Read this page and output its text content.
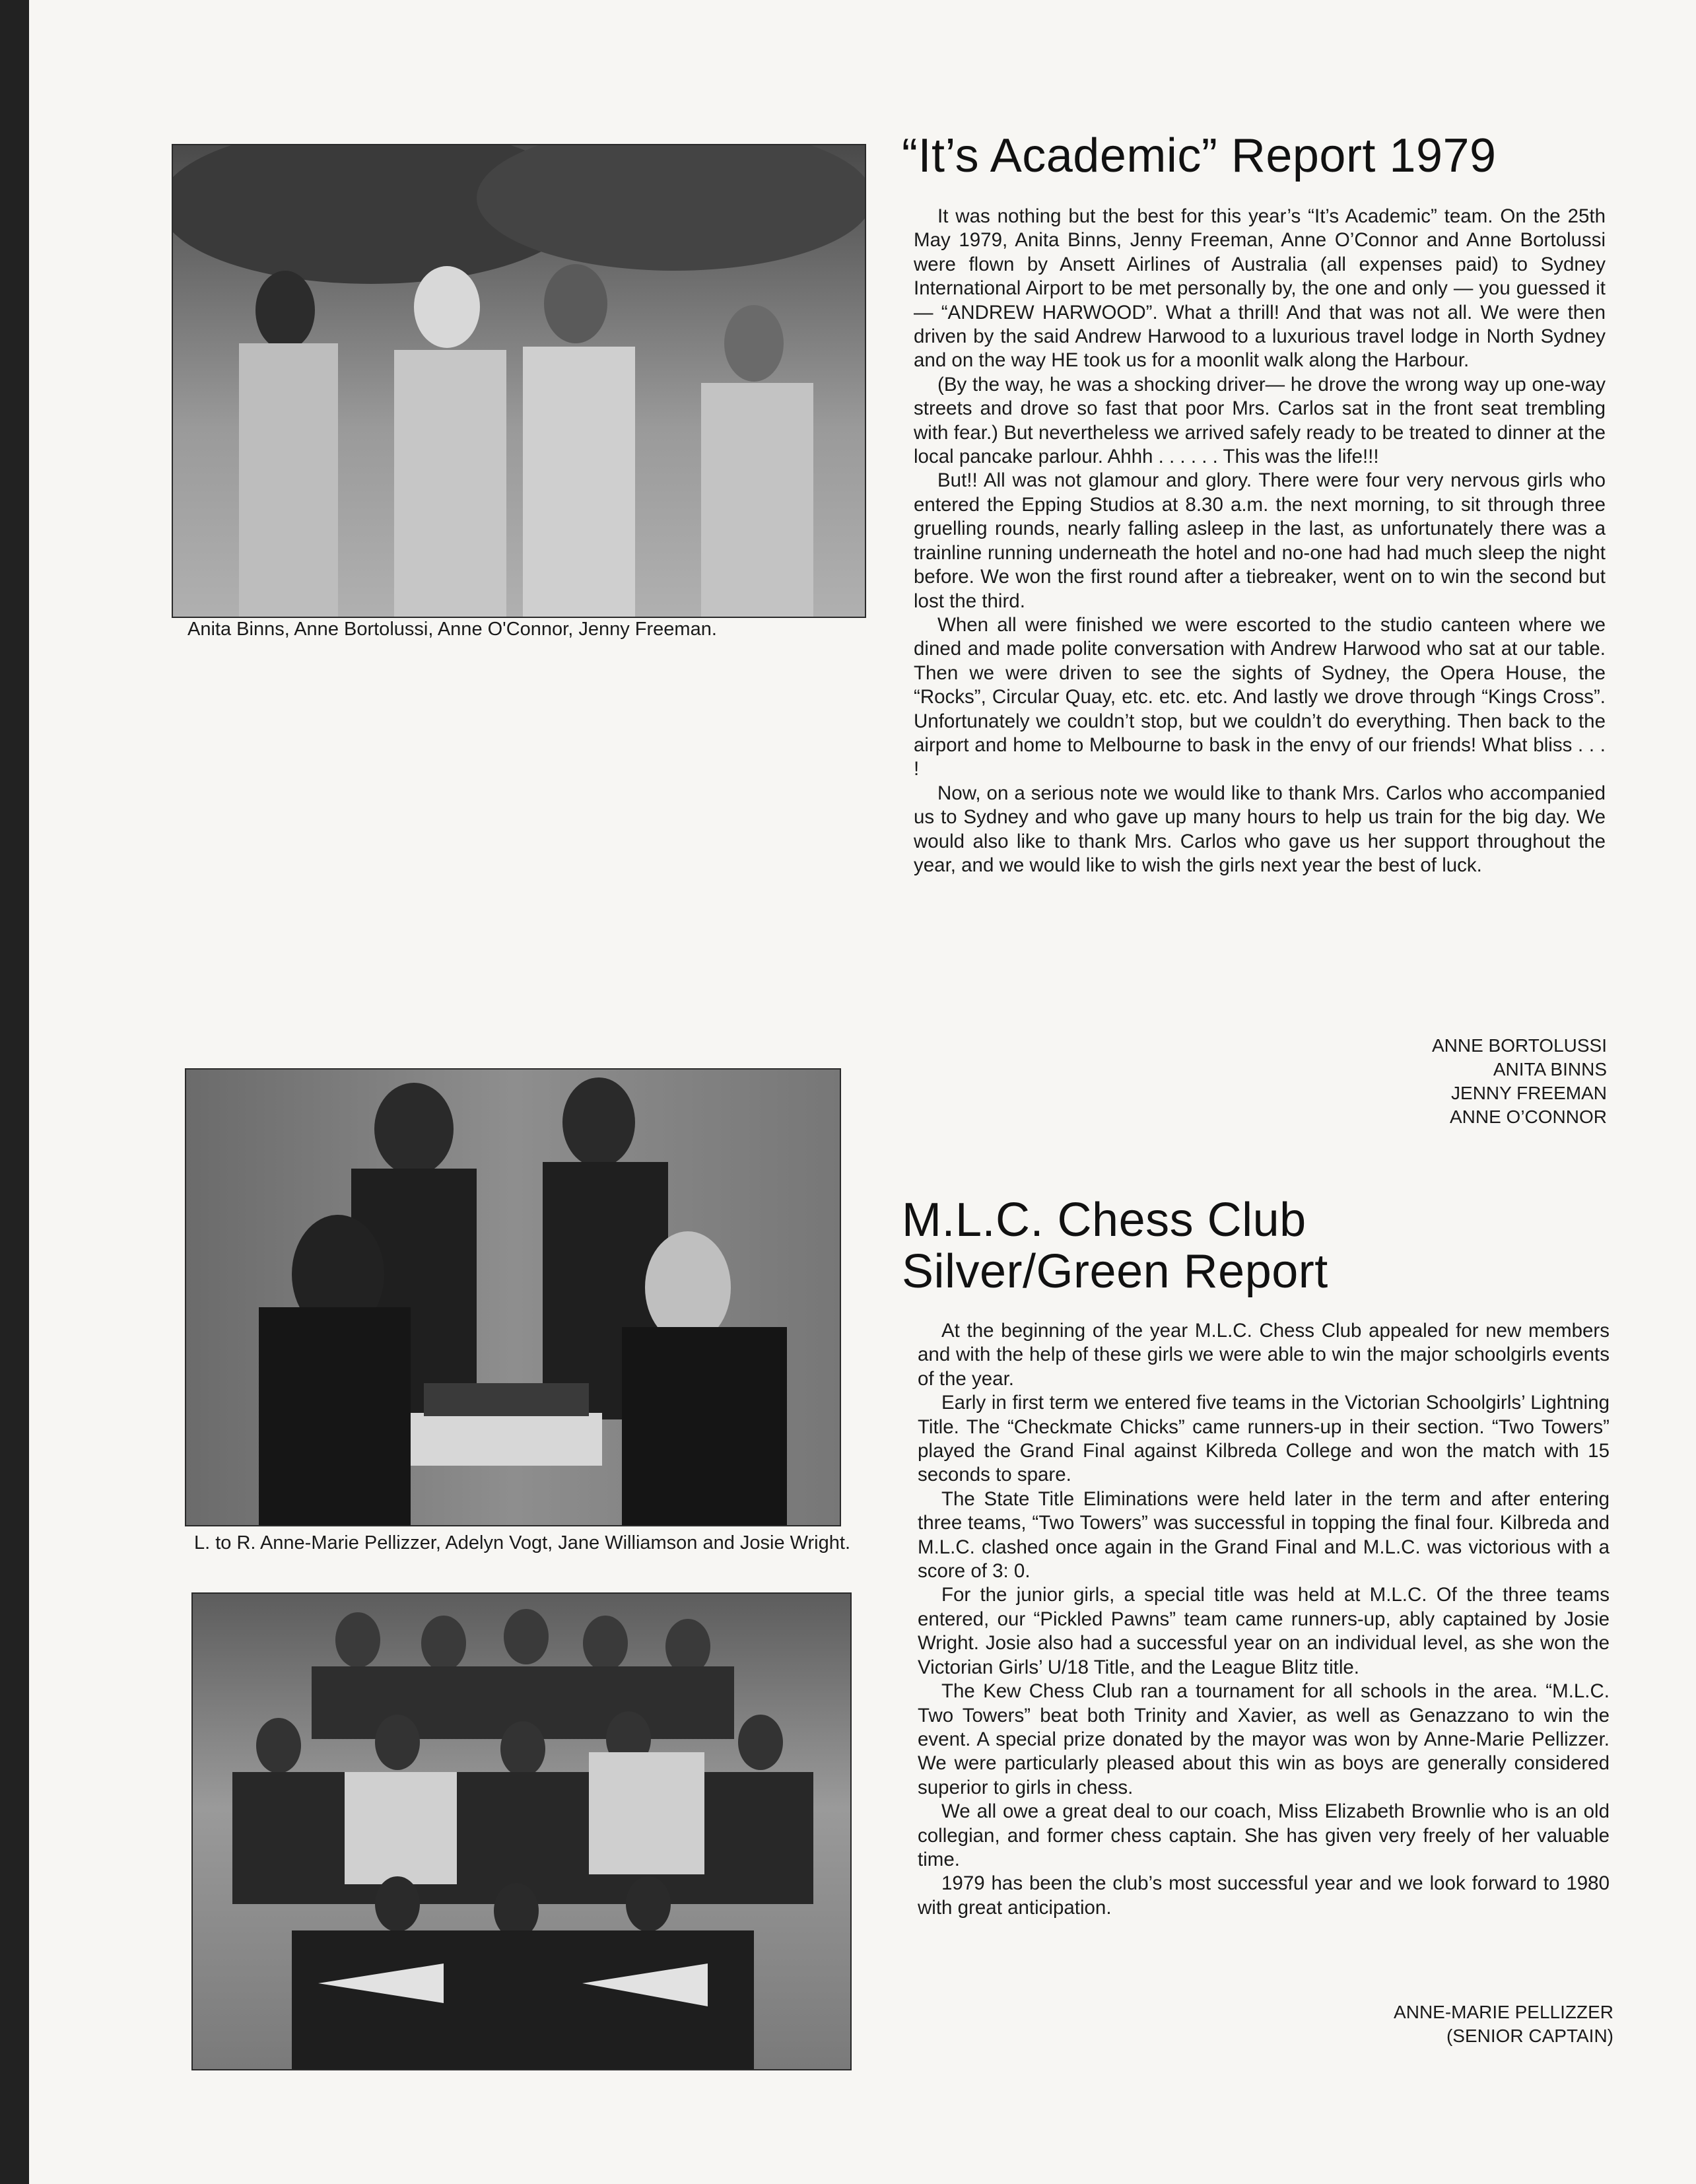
Anita Binns, Anne Bortolussi, Anne O'Connor, Jenny Freeman.
L. to R. Anne-Marie Pellizzer, Adelyn Vogt, Jane Williamson and Josie Wright.
“It’s Academic” Report 1979

It was nothing but the best for this year’s “It’s Academic” team. On the 25th May 1979, Anita Binns, Jenny Freeman, Anne O’Connor and Anne Bortolussi were flown by Ansett Airlines of Australia (all expenses paid) to Sydney International Airport to be met personally by, the one and only — you guessed it — “ANDREW HARWOOD”. What a thrill! And that was not all. We were then driven by the said Andrew Harwood to a luxurious travel lodge in North Sydney and on the way HE took us for a moonlit walk along the Harbour.

(By the way, he was a shocking driver— he drove the wrong way up one-way streets and drove so fast that poor Mrs. Carlos sat in the front seat trembling with fear.) But nevertheless we arrived safely ready to be treated to dinner at the local pancake parlour. Ahhh . . . . . . This was the life!!!

But!! All was not glamour and glory. There were four very nervous girls who entered the Epping Studios at 8.30 a.m. the next morning, to sit through three gruelling rounds, nearly falling asleep in the last, as unfortunately there was a trainline running underneath the hotel and no-one had had much sleep the night before. We won the first round after a tiebreaker, went on to win the second but lost the third.

When all were finished we were escorted to the studio canteen where we dined and made polite conversation with Andrew Harwood who sat at our table. Then we were driven to see the sights of Sydney, the Opera House, the “Rocks”, Circular Quay, etc. etc. etc. And lastly we drove through “Kings Cross”. Unfortunately we couldn’t stop, but we couldn’t do everything. Then back to the airport and home to Melbourne to bask in the envy of our friends! What bliss . . . !

Now, on a serious note we would like to thank Mrs. Carlos who accompanied us to Sydney and who gave up many hours to help us train for the big day. We would also like to thank Mrs. Carlos who gave us her support throughout the year, and we would like to wish the girls next year the best of luck.

ANNE BORTOLUSSI
ANITA BINNS
JENNY FREEMAN
ANNE O’CONNOR
M.L.C. Chess Club
Silver/Green Report

At the beginning of the year M.L.C. Chess Club appealed for new members and with the help of these girls we were able to win the major schoolgirls events of the year.

Early in first term we entered five teams in the Victorian Schoolgirls’ Lightning Title. The “Checkmate Chicks” came runners-up in their section. “Two Towers” played the Grand Final against Kilbreda College and won the match with 15 seconds to spare.

The State Title Eliminations were held later in the term and after entering three teams, “Two Towers” was successful in topping the final four. Kilbreda and M.L.C. clashed once again in the Grand Final and M.L.C. was victorious with a score of 3: 0.

For the junior girls, a special title was held at M.L.C. Of the three teams entered, our “Pickled Pawns” team came runners-up, ably captained by Josie Wright. Josie also had a successful year on an individual level, as she won the Victorian Girls’ U/18 Title, and the League Blitz title.

The Kew Chess Club ran a tournament for all schools in the area. “M.L.C. Two Towers” beat both Trinity and Xavier, as well as Genazzano to win the event. A special prize donated by the mayor was won by Anne-Marie Pellizzer. We were particularly pleased about this win as boys are generally considered superior to girls in chess.

We all owe a great deal to our coach, Miss Elizabeth Brownlie who is an old collegian, and former chess captain. She has given very freely of her valuable time.

1979 has been the club’s most successful year and we look forward to 1980 with great anticipation.

ANNE-MARIE PELLIZZER
(SENIOR CAPTAIN)
